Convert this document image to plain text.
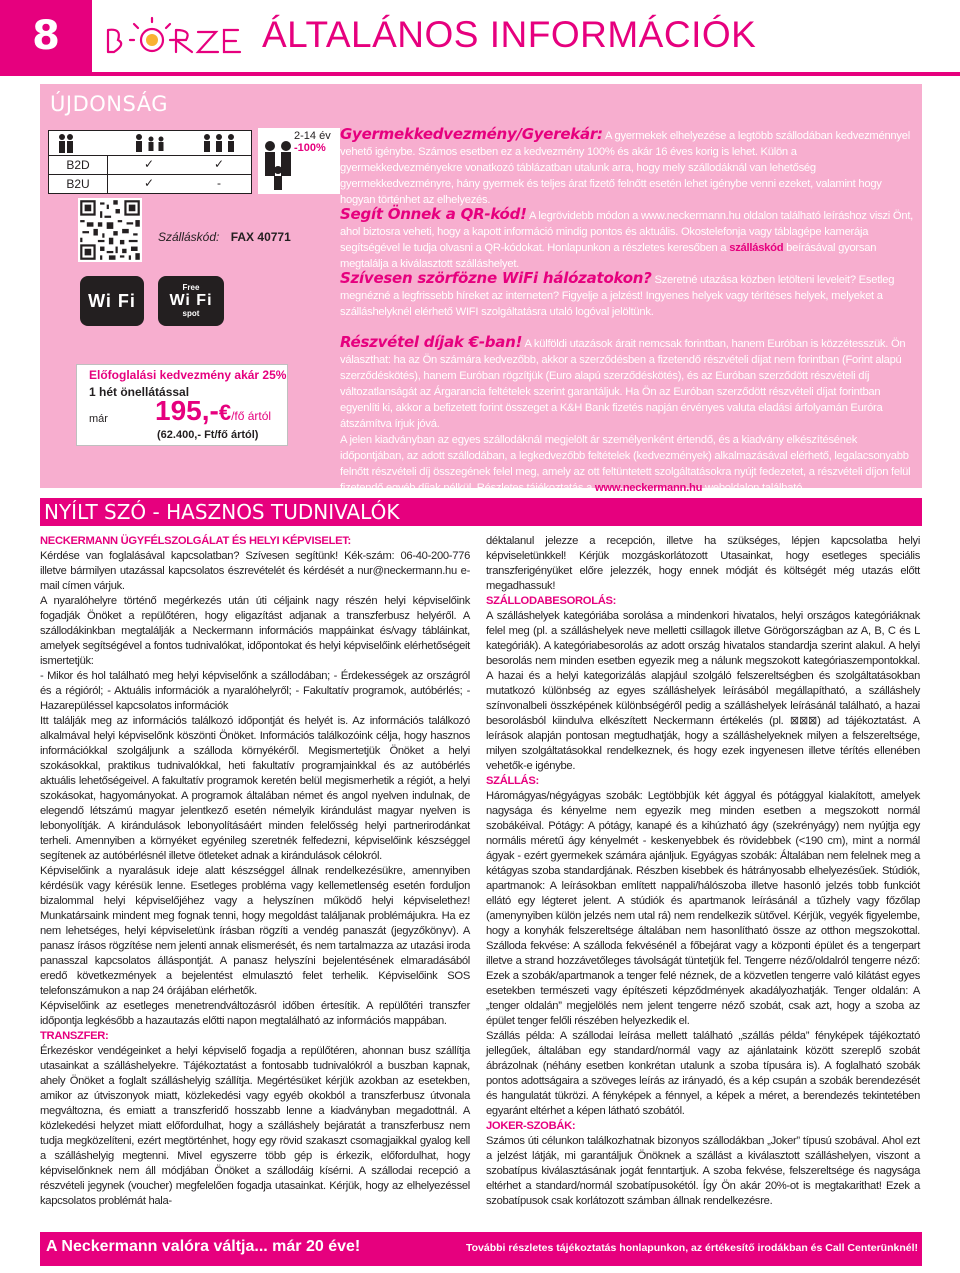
8	ÁLTALÁNOS INFORMÁCIÓK
ÚJDONSÁG
B2D	✓	✓
B2U	✓	-
2-14 év
-100%
Szálláskód: FAX 40771
Wi Fi
Free
Wi Fi
spot
Előfoglalási kedvezmény akár 25%
1 hét önellátással
már 195,-€/fő ártól
(62.400,- Ft/fő ártól)
Gyermekkedvezmény/Gyerekár: A gyermekek elhelyezése a legtöbb szállodában kedvezménnyel vehető igénybe. Számos esetben ez a kedvezmény 100% és akár 16 éves korig is lehet. Külön a gyermekkedvezményekre vonatkozó táblázatban utalunk arra, hogy mely szállodáknál van lehetőség gyermekkedvezményre, hány gyermek és teljes árat fizető felnőtt esetén lehet igénybe venni ezeket, valamint hogy hogyan történhet az elhelyezés.
Segít Önnek a QR-kód! A legrövidebb módon a www.neckermann.hu oldalon található leíráshoz viszi Önt, ahol biztosra veheti, hogy a kapott információ mindig pontos és aktuális. Okostelefonja vagy táblagépe kamerája segítségével le tudja olvasni a QR-kódokat. Honlapunkon a részletes keresőben a szálláskód beírásával gyorsan megtalálja a kiválasztott szálláshelyet.
Szívesen szörföznе WiFi hálózatokon? Szeretné utazása közben letölteni leveleit? Esetleg megnézné a legfrissebb híreket az interneten? Figyelje a jelzést! Ingyenes helyek vagy térítéses helyek, melyeket a szálláshelyknél elérhető WIFI szolgáltatásra utaló logóval jelöltünk.
Részvétel díjak €-ban! A külföldi utazások árait nemcsak forintban, hanem Euróban is közzétesszük. Ön választhat: ha az Ön számára kedvezőbb, akkor a szerződésben a fizetendő részvételi díjat nem forintban (Forint alapú szerződéskötés), hanem Euróban rögzítjük (Euro alapú szerződéskötés), és az Euróban szerződött részvételi díj változatlanságát az Árgarancia feltételek szerint garantáljuk. Ha Ön az Euróban szerződött részvételi díjat forintban egyenlíti ki, akkor a befizetett forint összeget a K&H Bank fizetés napján érvényes valuta eladási árfolyamán Euróra átszámítva írjuk jóvá.
A jelen kiadványban az egyes szállodáknál megjelölt ár személyenként értendő, és a kiadvány elkészítésének időpontjában, az adott szállodában, a legkedvezőbb feltételek (kedvezmények) alkalmazásával elérhető, legalacsonyabb felnőtt részvételi díj összegének felel meg, amely az ott feltüntetett szolgáltatásokra nyújt fedezetet, a részvételi díjon felül fizetendő egyéb díjak nélkül. Részletes tájékoztatás a www.neckermann.hu weboldalon található.
NYÍLT SZÓ - HASZNOS TUDNIVALÓK

NECKERMANN ÜGYFÉLSZOLGÁLAT ÉS HELYI KÉPVISELET:

Kérdése van foglalásával kapcsolatban? Szívesen segítünk! Kék-szám: 06-40-200-776 illetve bármilyen utazással kapcsolatos észrevételét és kérdését a nur@neckermann.hu e-mail címen várjuk.

A nyaralóhelyre történő megérkezés után úti céljaink nagy részén helyi képviselőink fogadják Önöket a repülőtéren, hogy eligazítást adjanak a transzferbusz helyéről. A szállodákinkban megtalálják a Neckermann információs mappáinkat és/vagy tábláinkat, amelyek segítségével a fontos tudnivalókat, időpontokat és helyi képviselőink elérhetőségeit ismertetjük:

- Mikor és hol található meg helyi képviselőnk a szállodában; - Érdekességek az országról és a régióról; - Aktuális információk a nyaralóhelyről; - Fakultatív programok, autóbérlés; - Hazarepüléssel kapcsolatos információk

Itt találják meg az információs találkozó időpontját és helyét is. Az információs találkozó alkalmával helyi képviselőnk köszönti Önöket. Információs találkozóink célja, hogy hasznos információkkal szolgáljunk a szálloda környékéről. Megismertetjük Önöket a helyi szokásokkal, praktikus tudnivalókkal, heti fakultatív programjainkkal és az autóbérlés aktuális lehetőségeivel. A fakultatív programok keretén belül megismerhetik a régiót, a helyi szokásokat, hagyományokat. A programok általában német és angol nyelven indulnak, de elegendő létszámú magyar jelentkező esetén némelyik kirándulást magyar nyelven is lebonyolítják. A kirándulások lebonyolításáért minden felelősség helyi partnerirodánkat terheli. Amennyiben a környéket egyénileg szeretnék felfedezni, képviselőink készséggel segítenek az autóbérlésnél illetve ötleteket adnak a kirándulások célokról.

Képviselőink a nyaralásuk ideje alatt készséggel állnak rendelkezésükre, amennyiben kérdésük vagy kérésük lenne. Esetleges probléma vagy kellemetlenség esetén forduljon bizalommal helyi képviselőjéhez vagy a helyszínen működő helyi képviselethez! Munkatársaink mindent meg fognak tenni, hogy megoldást találjanak problémájukra. Ha ez nem lehetséges, helyi képviseletünk írásban rögzíti a vendég panaszát (jegyzőkönyv). A panasz írásos rögzítése nem jelenti annak elismerését, és nem tartalmazza az utazási iroda panasszal kapcsolatos álláspontját. A panasz helyszíni bejelentésének elmaradásából eredő következmények a bejelentést elmulasztó felet terhelik. Képviselőink SOS telefonszámukon a nap 24 órájában elérhetők.

Képviselőink az esetleges menetrendváltozásról időben értesítik. A repülőtéri transzfer időpontja legkésőbb a hazautazás előtti napon megtalálható az információs mappában.

TRANSZFER:

Érkezéskor vendégeinket a helyi képviselő fogadja a repülőtéren, ahonnan busz szállítja utasainkat a szálláshelyekre. Tájékoztatást a fontosabb tudnivalókról a buszban kapnak, ahely Önöket a foglalt szálláshelyig szállítja. Megértésüket kérjük azokban az esetekben, amikor az útviszonyok miatt, közlekedési vagy egyéb okokból a transzferbusz útvonala megváltozna, és emiatt a transzferidő hosszabb lenne a kiadványban megadottnál. A közlekedési helyzet miatt előfordulhat, hogy a szálláshely bejáratát a transzferbusz nem tudja megközelíteni, ezért megtörténhet, hogy egy rövid szakaszt csomagjaikkal gyalog kell a szálláshelyig megtenni. Mivel egyszerre több gép is érkezik, előfordulhat, hogy képviselőnknek nem áll módjában Önöket a szállodáig kísérni. A szállodai recepció a részvételi jegynek (voucher) megfelelően fogadja utasainkat. Kérjük, hogy az elhelyezéssel kapcsolatos problémát hala-

déktalanul jelezze a recepción, illetve ha szükséges, lépjen kapcsolatba helyi képviseletünkkel! Kérjük mozgáskorlátozott Utasainkat, hogy esetleges speciális transzferigényüket előre jelezzék, hogy ennek módját és költségét még utazás előtt megadhassuk!

SZÁLLODABESOROLÁS:

A szálláshelyek kategóriába sorolása a mindenkori hivatalos, helyi országos kategóriáknak felel meg (pl. a szálláshelyek neve melletti csillagok illetve Görögországban az A, B, C és L kategóriák). A kategóriabesorolás az adott ország hivatalos standardja szerint alakul. A helyi besorolás nem minden esetben egyezik meg a nálunk megszokott kategóriaszempontokkal. A hazai és a helyi kategorizálás alapjául szolgáló felszereltségben és szolgáltatásokban mutatkozó különbség az egyes szálláshelyek leírásából megállapítható, a szálláshely színvonalbeli összképének különbségéről pedig a szálláshelyek leírásánál található, a hazai besorolásból kiindulva elkészített Neckermann értékelés (pl. ⊠⊠⊠) ad tájékoztatást. A leírások alapján pontosan megtudhatják, hogy a szálláshelyeknek milyen a felszereltsége, milyen szolgáltatásokkal rendelkeznek, és hogy ezek ingyenesen illetve térítés ellenében vehetők-e igénybe.

SZÁLLÁS:

Háromágyas/négyágyas szobák: Legtöbbjük két ággyal és pótággyal kialakított, amelyek nagysága és kényelme nem egyezik meg minden esetben a megszokott normál szobákéival. Pótágy: A pótágy, kanapé és a kihúzható ágy (szekrényágy) nem nyújtja egy normális méretű ágy kényelmét - keskenyebbek és rövidebbek (<190 cm), mint a normál ágyak - ezért gyermekek számára ajánljuk. Egyágyas szobák: Általában nem felelnek meg a kétágyas szoba standardjának. Részben kisebbek és hátrányosabb elhelyezésűek. Stúdiók, apartmanok: A leírásokban említett nappali/hálószoba illetve hasonló jelzés tobb funkciót ellátó egy légteret jelent. A stúdiók és apartmanok leírásánál a tűzhely vagy főzőlap (amenynyiben külön jelzés nem utal rá) nem rendelkezik sütővel. Kérjük, vegyék figyelembe, hogy a konyhák felszereltsége általában nem hasonlítható össze az otthon megszokottal. Szálloda fekvése: A szálloda fekvésénél a főbejárat vagy a központi épület és a tengerpart illetve a strand hozzávetőleges távolságát tüntetjük fel. Tengerre néző/oldalról tengerre néző: Ezek a szobák/apartmanok a tenger felé néznek, de a közvetlen tengerre való kilátást egyes esetekben természeti vagy építészeti képződmények akadályozhatják. Tenger oldalán: A „tenger oldalán” megjelölés nem jelent tengerre néző szobát, csak azt, hogy a szoba az épület tenger felőli részében helyezkedik el.

Szállás példa: A szállodai leírása mellett található „szállás példa” fényképek tájékoztató jellegűek, általában egy standard/normál vagy az ajánlataink között szereplő szobát ábrázolnak (néhány esetben konkrétan utalunk a szoba típusára is). A foglalható szobák pontos adottságaira a szöveges leírás az irányadó, és a kép csupán a szobák berendezését és hangulatát tükrözi. A fényképek a fénnyel, a képek a méret, a berendezés tekintetében egyaránt eltérhet a képen látható szobától.

JOKER-SZOBÁK:

Számos úti célunkon találkozhatnak bizonyos szállodákban „Joker” típusú szobával. Ahol ezt a jelzést látják, mi garantáljuk Önöknek a szállást a kiválasztott szálláshelyen, viszont a szobatípus kiválasztásának jogát fenntartjuk. A szoba fekvése, felszereltsége és nagysága eltérhet a standard/normál szobatípusokétól. Így Ön akár 20%-ot is megtakarithat! Ezek a szobatípusok csak korlátozott számban állnak rendelkezésre.

A Neckermann valóra váltja... már 20 éve!	További részletes tájékoztatás honlapunkon, az értékesítő irodákban és Call Centerünknél!
